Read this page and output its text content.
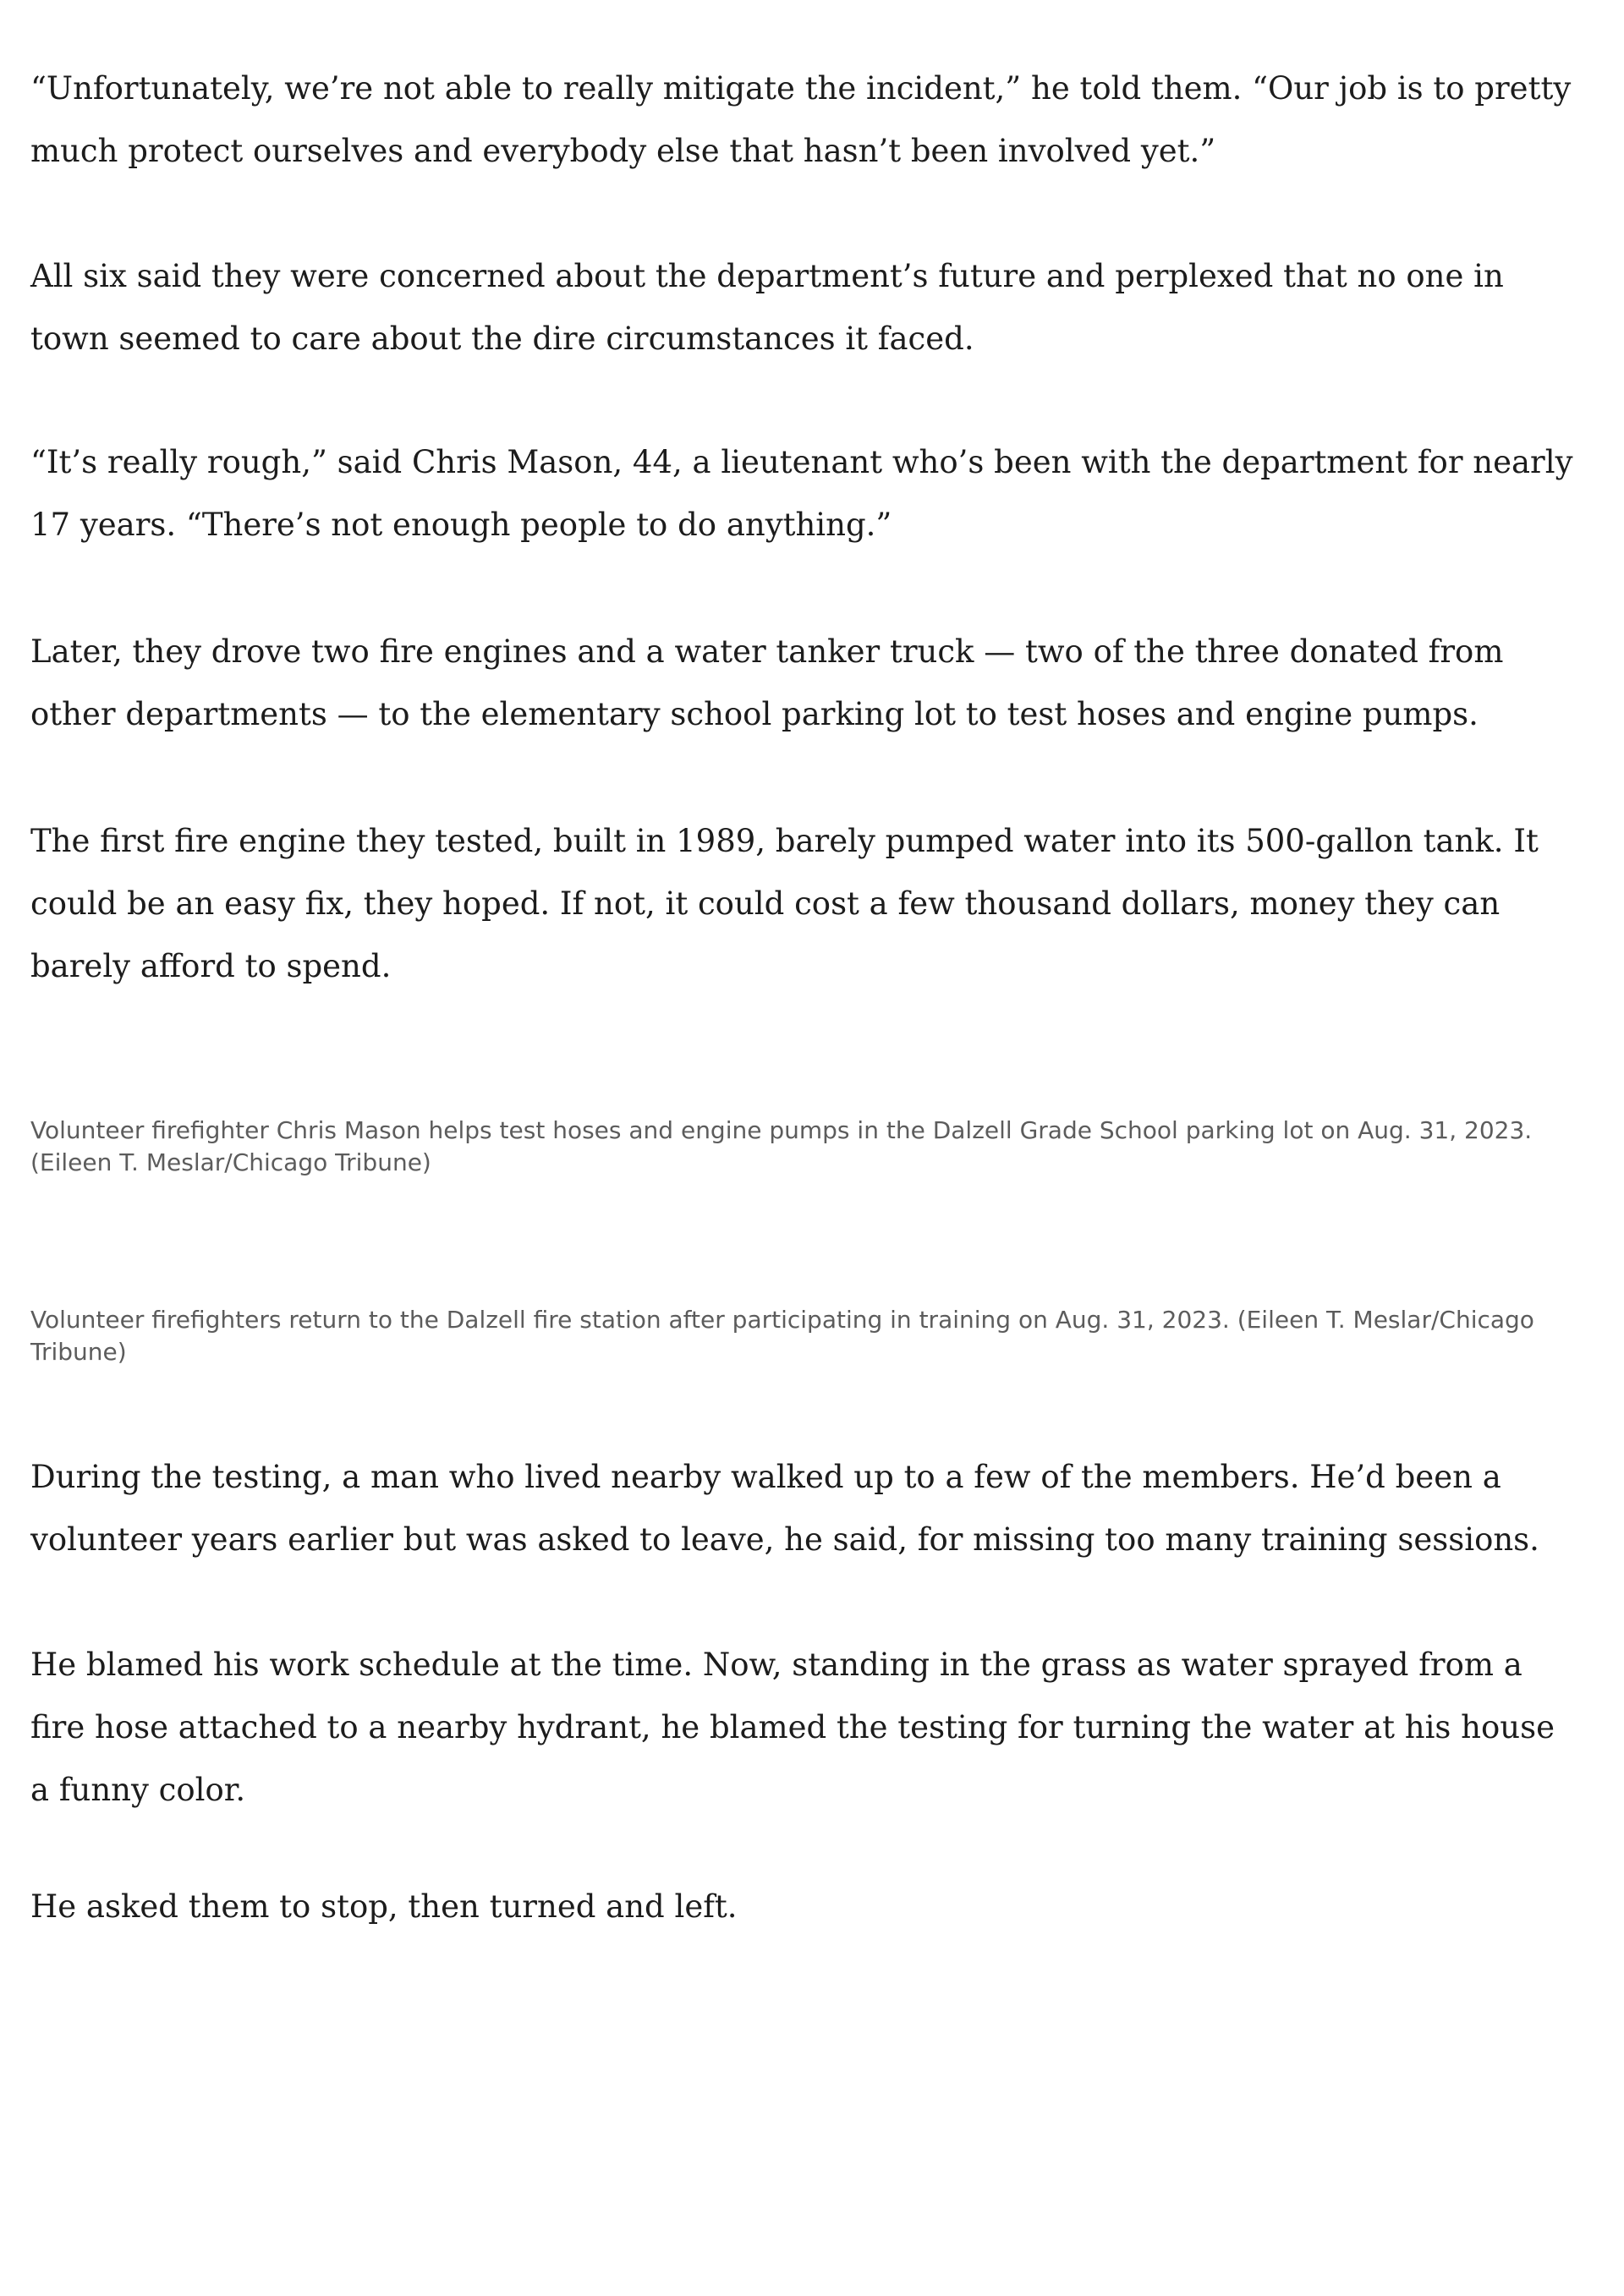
“Unfortunately, we’re not able to really mitigate the incident,” he told them. “Our job is to pretty much protect ourselves and everybody else that hasn’t been involved yet.”

All six said they were concerned about the department’s future and perplexed that no one in town seemed to care about the dire circumstances it faced.

“It’s really rough,” said Chris Mason, 44, a lieutenant who’s been with the department for nearly 17 years. “There’s not enough people to do anything.”

Later, they drove two fire engines and a water tanker truck — two of the three donated from other departments — to the elementary school parking lot to test hoses and engine pumps.

The first fire engine they tested, built in 1989, barely pumped water into its 500-gallon tank. It could be an easy fix, they hoped. If not, it could cost a few thousand dollars, money they can barely afford to spend.

Volunteer firefighter Chris Mason helps test hoses and engine pumps in the Dalzell Grade School parking lot on Aug. 31, 2023. (Eileen T. Meslar/Chicago Tribune)

Volunteer firefighters return to the Dalzell fire station after participating in training on Aug. 31, 2023. (Eileen T. Meslar/Chicago Tribune)

During the testing, a man who lived nearby walked up to a few of the members. He’d been a volunteer years earlier but was asked to leave, he said, for missing too many training sessions.

He blamed his work schedule at the time. Now, standing in the grass as water sprayed from a fire hose attached to a nearby hydrant, he blamed the testing for turning the water at his house a funny color.

He asked them to stop, then turned and left.
